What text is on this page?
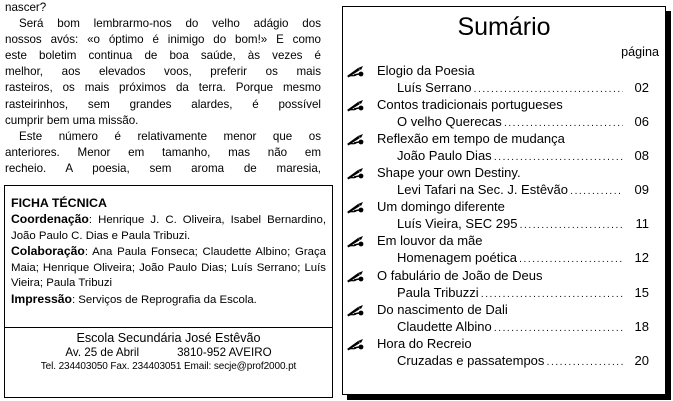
nascer?
Será bom lembrarmo-nos do velho adágio dos
nossos avós: «o óptimo é inimigo do bom!» E como
este boletim continua de boa saúde, às vezes é
melhor, aos elevados voos, preferir os mais
rasteiros, os mais próximos da terra. Porque mesmo
rasteirinhos, sem grandes alardes, é possível
cumprir bem uma missão.
Este número é relativamente menor que os
anteriores. Menor em tamanho, mas não em
recheio. A poesia, sem aroma de maresia,
FICHA TÉCNICA

Coordenação: Henrique J. C. Oliveira, Isabel Bernardino, João Paulo C. Dias e Paula Tribuzi.

Colaboração: Ana Paula Fonseca; Claudette Albino; Graça Maia; Henrique Oliveira; João Paulo Dias; Luís Serrano; Luís Vieira; Paula Tribuzi

Impressão: Serviços de Reprografia da Escola.

Escola Secundária José Estêvão
Av. 25 de Abril	3810-952 AVEIRO
Tel. 234403050 Fax. 234403051 Email: secje@prof2000.pt
Sumário
página
Elogio da Poesia
Luís Serrano . . .	02
Contos tradicionais portugueses
O velho Querecas . . .	06
Reflexão em tempo de mudança
João Paulo Dias . . .	08
Shape your own Destiny.
Levi Tafari na Sec. J. Estêvão . . .	09
Um domingo diferente
Luís Vieira, SEC 295 . . .	11
Em louvor da mãe
Homenagem poética . . .	12
O fabulário de João de Deus
Paula Tribuzzi . . .	15
Do nascimento de Dali
Claudette Albino . . .	18
Hora do Recreio
Cruzadas e passatempos . . .	20
